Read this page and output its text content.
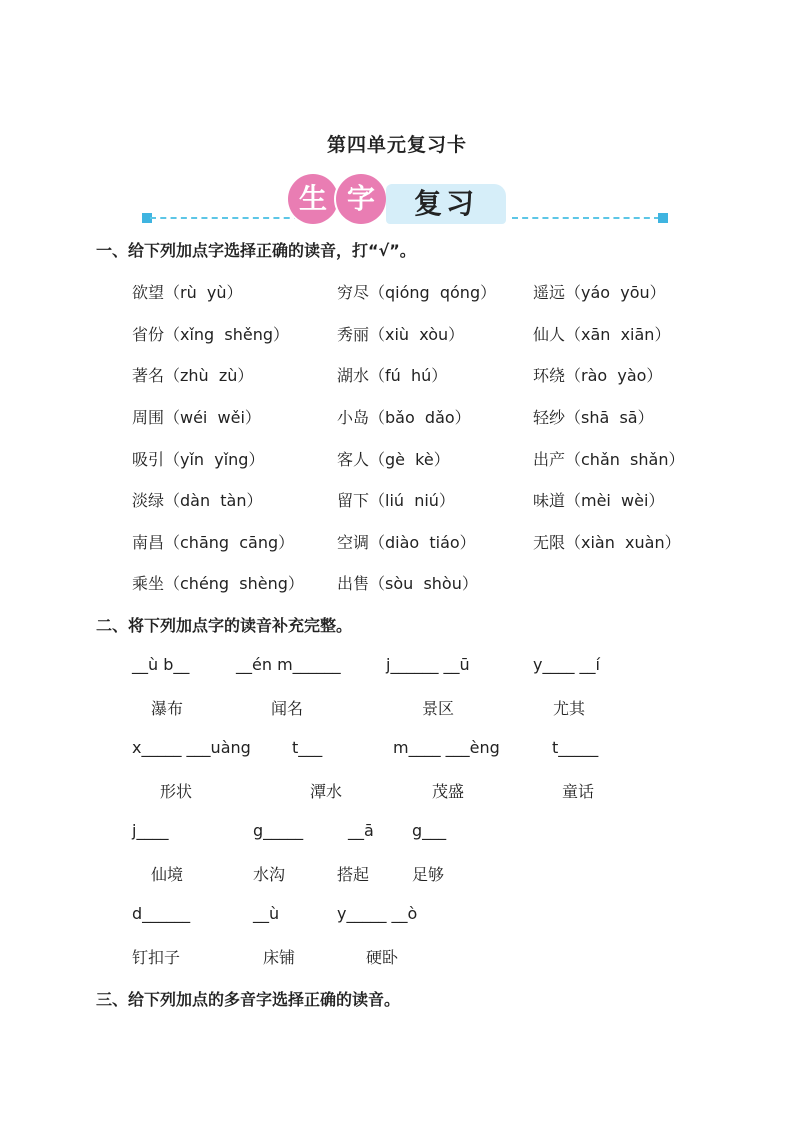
第四单元复习卡
生 字	复习
一、给下列加点字选择正确的读音，打“√”。
欲望（rù  yù）	穷尽（qióng  qóng） 遥远（yáo  yōu）
省份（xǐng  shěng）	秀丽（xiù  xòu）	仙人（xān  xiān）
著名（zhù  zù）	湖水（fú  hú）	环绕（rào  yào）
周围（wéi  wěi）	小岛（bǎo  dǎo）	轻纱（shā  sā）
吸引（yǐn  yǐng）	客人（gè  kè）	出产（chǎn  shǎn）
淡绿（dàn  tàn）	留下（liú  niú）	味道（mèi  wèi）
南昌（chāng  cāng）	空调（diào  tiáo）	无限（xiàn  xuàn）
乘坐（chéng  shèng） 出售（sòu  shòu）
二、将下列加点字的读音补充完整。
__ù b__	__én m______	j______ __ū	y____ __í
瀑布	闻名	景区	尤其
x_____ ___uàng	t___	m____ ___èng	t_____
形状	潭水	茂盛	童话
j____	g_____	__ā g___
仙境	水沟	搭起	足够
d______	__ù	y_____ __ò
钉扣子	床铺	硬卧
三、给下列加点的多音字选择正确的读音。
